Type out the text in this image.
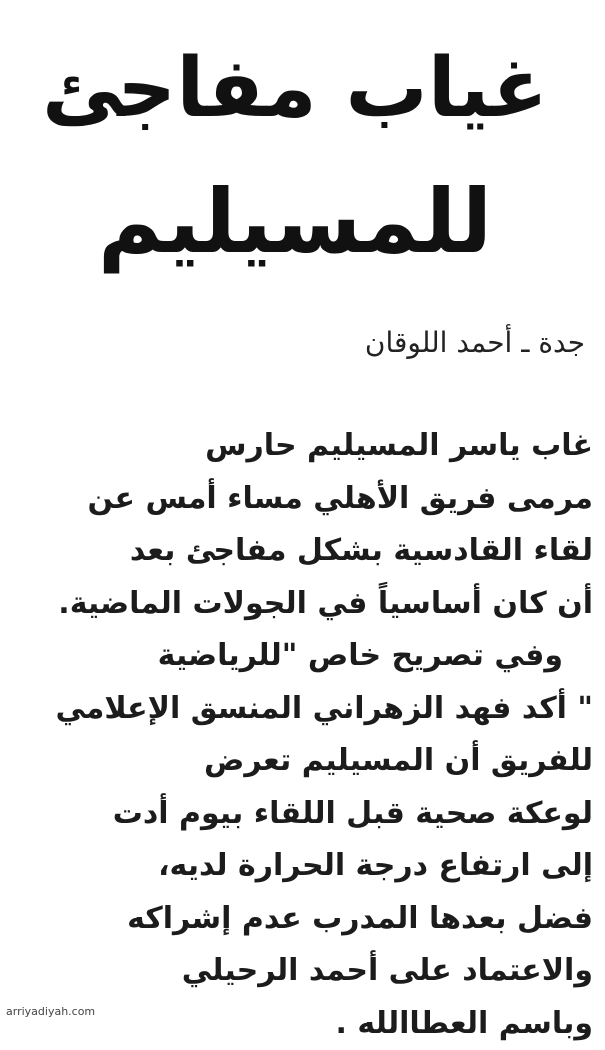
غياب مفاجئ
للمسيليم
جدة ـ أحمد اللوقان
غاب ياسر المسيليم حارس
مرمى فريق الأهلي مساء أمس عن
لقاء القادسية بشكل مفاجئ بعد
أن كان أساسياً في الجولات الماضية.
وفي تصريح خاص "للرياضية
" أكد فهد الزهراني المنسق الإعلامي
للفريق أن المسيليم تعرض
لوعكة صحية قبل اللقاء بيوم أدت
إلى ارتفاع درجة الحرارة لديه،
فضل بعدها المدرب عدم إشراكه
والاعتماد على أحمد الرحيلي
وباسم العطاالله .
arriyadiyah.com
